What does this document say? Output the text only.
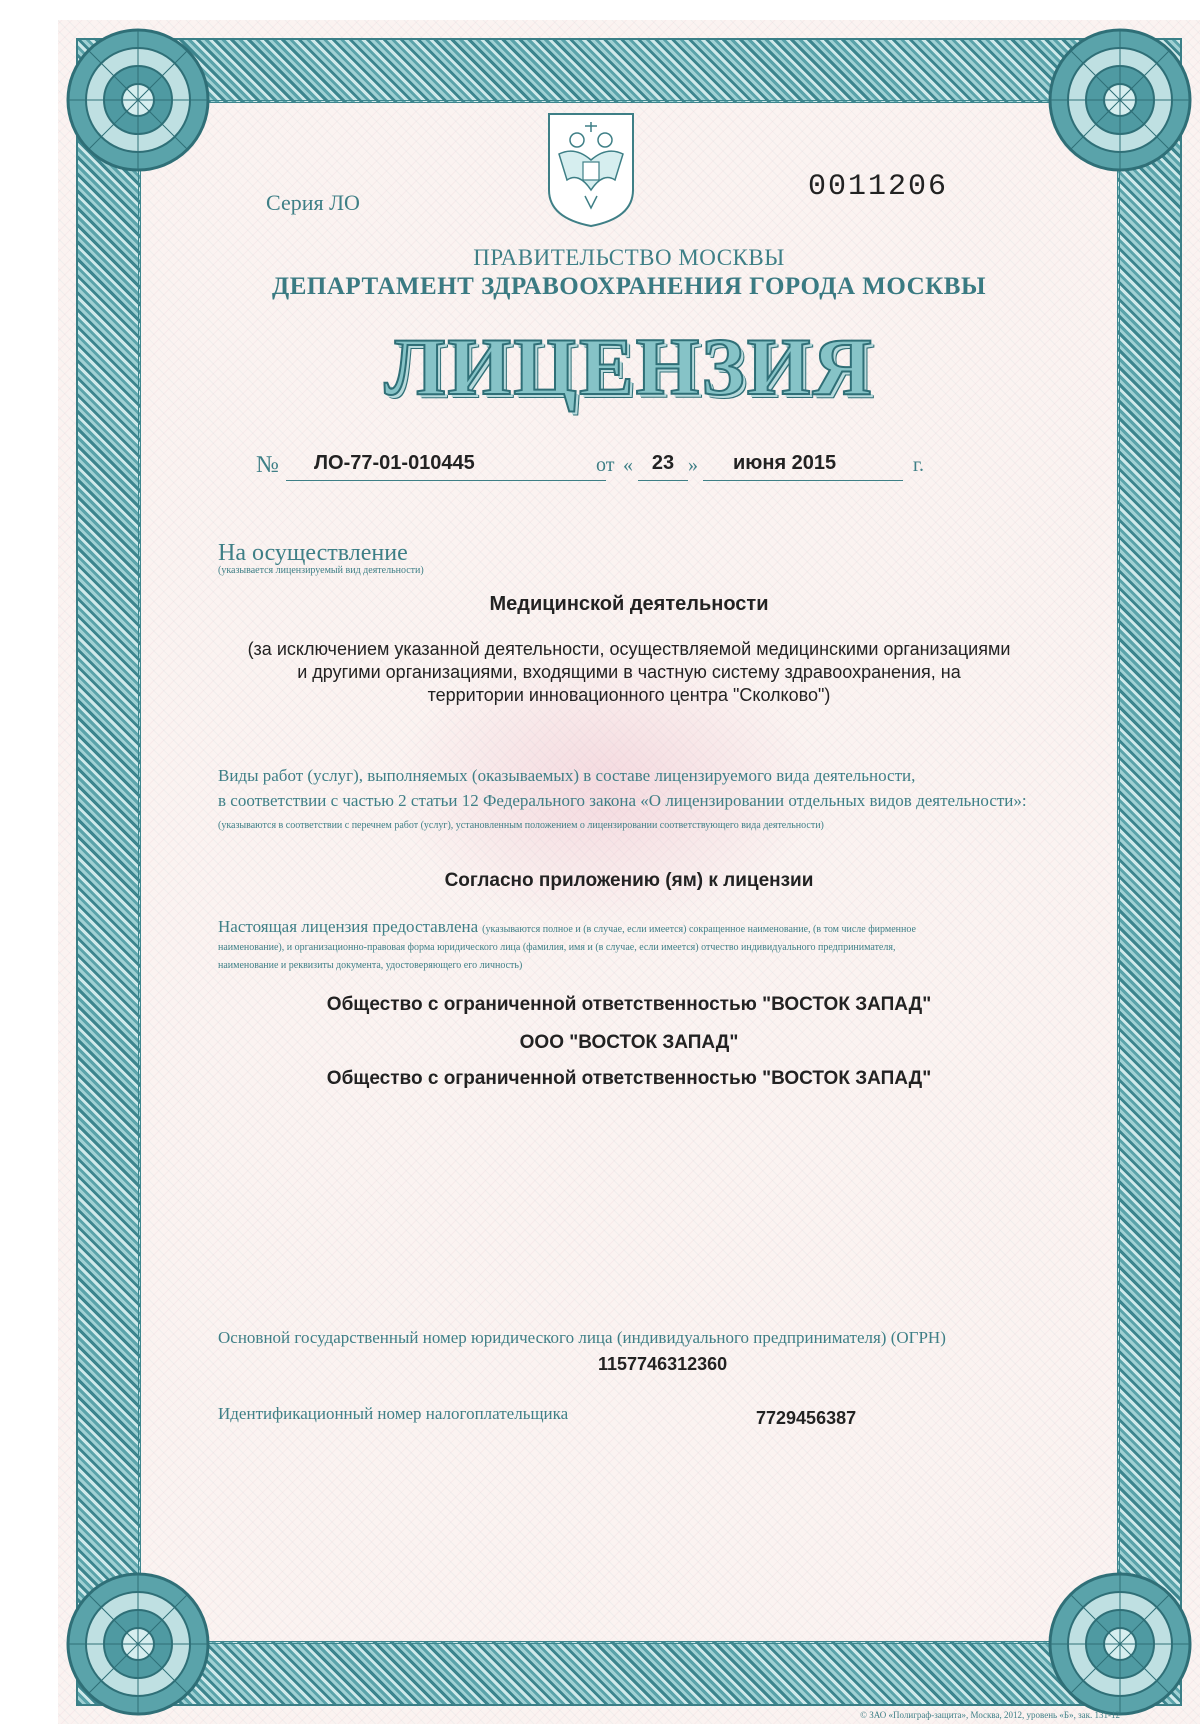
Серия ЛО	0011206
ПРАВИТЕЛЬСТВО МОСКВЫ
ДЕПАРТАМЕНТ ЗДРАВООХРАНЕНИЯ ГОРОДА МОСКВЫ
ЛИЦЕНЗИЯ
№ ЛО-77-01-010445	от « 23 » июня 2015	г.
На осуществление
(указывается лицензируемый вид деятельности)
Медицинской деятельности
(за исключением указанной деятельности, осуществляемой медицинскими организациями
и другими организациями, входящими в частную систему здравоохранения, на
территории инновационного центра "Сколково")
Виды работ (услуг), выполняемых (оказываемых) в составе лицензируемого вида деятельности,
в соответствии с частью 2 статьи 12 Федерального закона «О лицензировании отдельных видов деятельности»:
(указываются в соответствии с перечнем работ (услуг), установленным положением о лицензировании соответствующего вида деятельности)
Согласно приложению (ям) к лицензии
Настоящая лицензия предоставлена (указываются полное и (в случае, если имеется) сокращенное наименование, (в том числе фирменное
наименование), и организационно-правовая форма юридического лица (фамилия, имя и (в случае, если имеется) отчество индивидуального предпринимателя,
наименование и реквизиты документа, удостоверяющего его личность)
Общество с ограниченной ответственностью "ВОСТОК ЗАПАД"
ООО "ВОСТОК ЗАПАД"
Общество с ограниченной ответственностью "ВОСТОК ЗАПАД"
Основной государственный номер юридического лица (индивидуального предпринимателя) (ОГРН)
1157746312360
Идентификационный номер налогоплательщика	7729456387
© ЗАО «Полиграф-защита», Москва, 2012, уровень «Б», зак. 131-12
